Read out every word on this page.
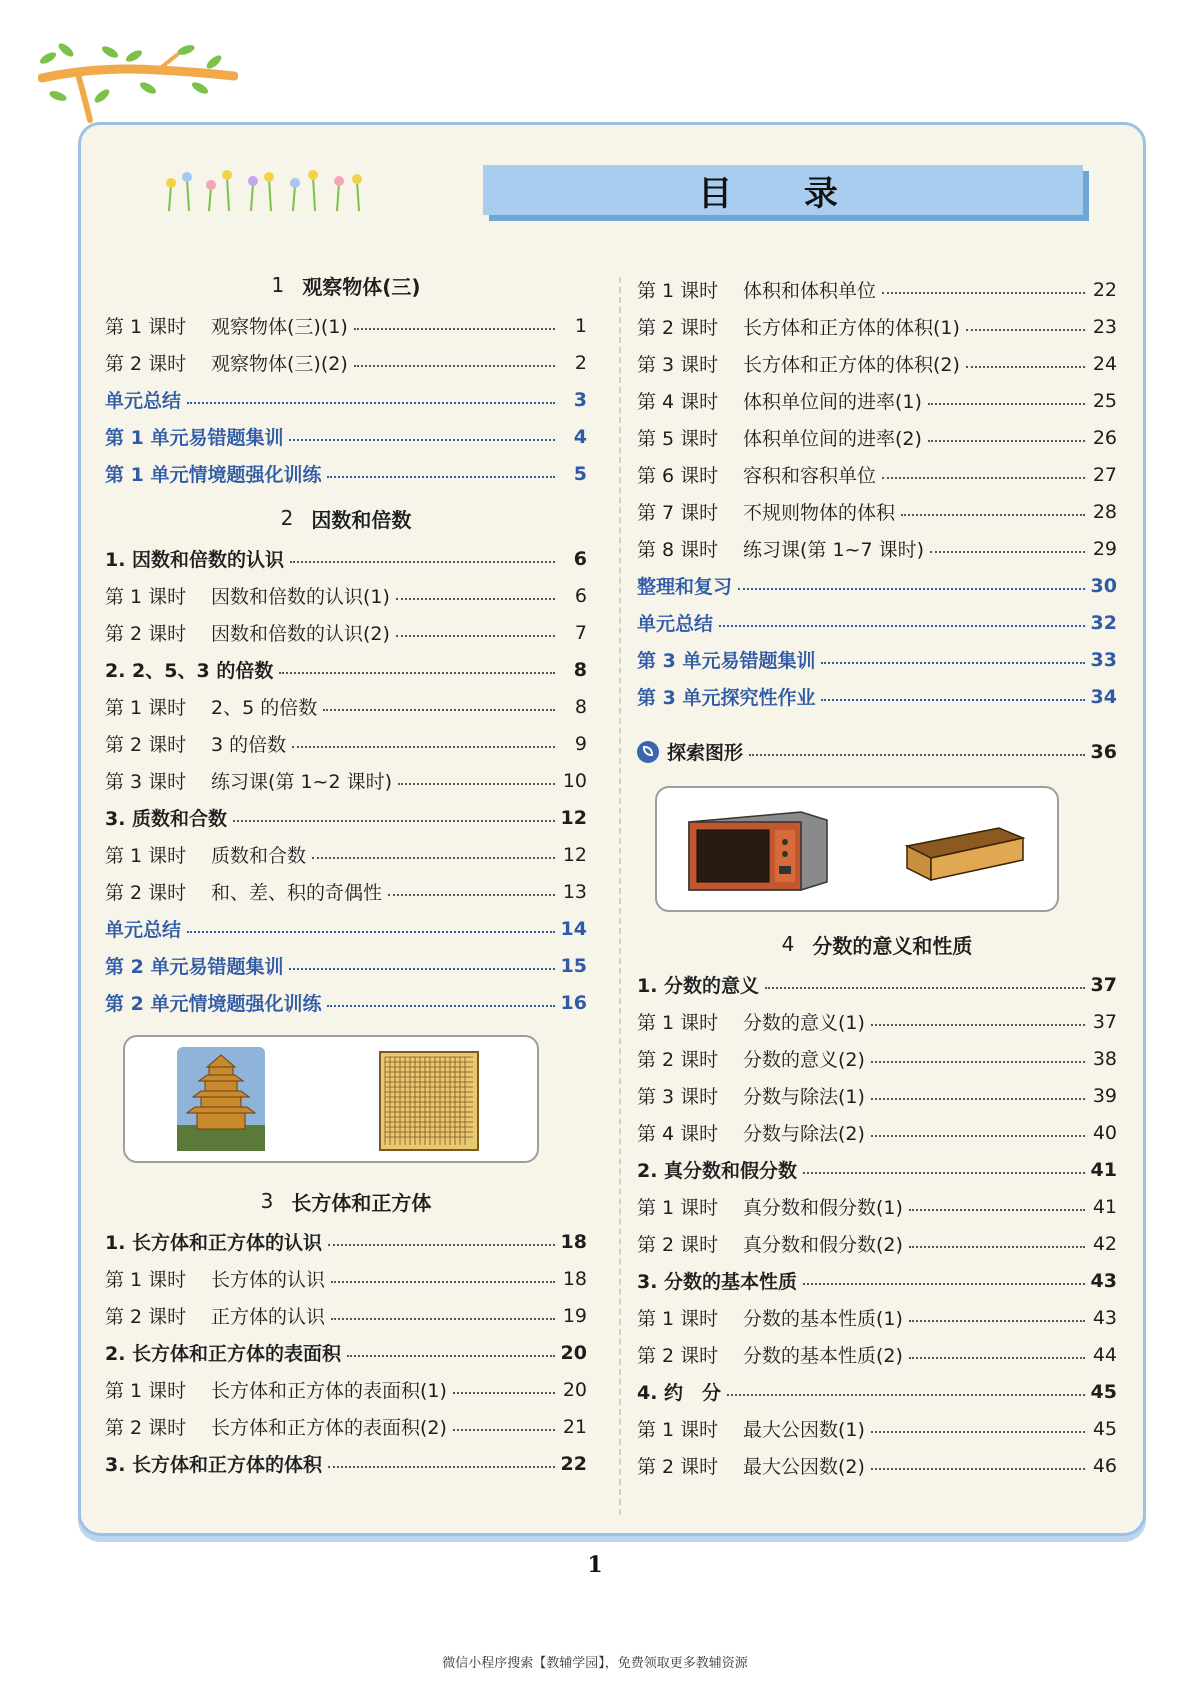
目 录
1 观察物体(三)
第 1 课时	观察物体(三)(1)	1
第 2 课时	观察物体(三)(2)	2
单元总结	3
第 1 单元易错题集训	4
第 1 单元情境题强化训练	5
2 因数和倍数
1. 因数和倍数的认识	6
第 1 课时	因数和倍数的认识(1)	6
第 2 课时	因数和倍数的认识(2)	7
2. 2、5、3 的倍数	8
第 1 课时	2、5 的倍数	8
第 2 课时	3 的倍数	9
第 3 课时	练习课(第 1~2 课时)	10
3. 质数和合数	12
第 1 课时	质数和合数	12
第 2 课时	和、差、积的奇偶性	13
单元总结	14
第 2 单元易错题集训	15
第 2 单元情境题强化训练	16
3 长方体和正方体
1. 长方体和正方体的认识	18
第 1 课时	长方体的认识	18
第 2 课时	正方体的认识	19
2. 长方体和正方体的表面积	20
第 1 课时	长方体和正方体的表面积(1)	20
第 2 课时	长方体和正方体的表面积(2)	21
3. 长方体和正方体的体积	22
第 1 课时	体积和体积单位	22
第 2 课时	长方体和正方体的体积(1)	23
第 3 课时	长方体和正方体的体积(2)	24
第 4 课时	体积单位间的进率(1)	25
第 5 课时	体积单位间的进率(2)	26
第 6 课时	容积和容积单位	27
第 7 课时	不规则物体的体积	28
第 8 课时	练习课(第 1~7 课时)	29
整理和复习	30
单元总结	32
第 3 单元易错题集训	33
第 3 单元探究性作业	34
探索图形	36
4 分数的意义和性质
1. 分数的意义	37
第 1 课时	分数的意义(1)	37
第 2 课时	分数的意义(2)	38
第 3 课时	分数与除法(1)	39
第 4 课时	分数与除法(2)	40
2. 真分数和假分数	41
第 1 课时	真分数和假分数(1)	41
第 2 课时	真分数和假分数(2)	42
3. 分数的基本性质	43
第 1 课时	分数的基本性质(1)	43
第 2 课时	分数的基本性质(2)	44
4. 约　分	45
第 1 课时	最大公因数(1)	45
第 2 课时	最大公因数(2)	46
1
微信小程序搜索【教辅学园】，免费领取更多教辅资源
